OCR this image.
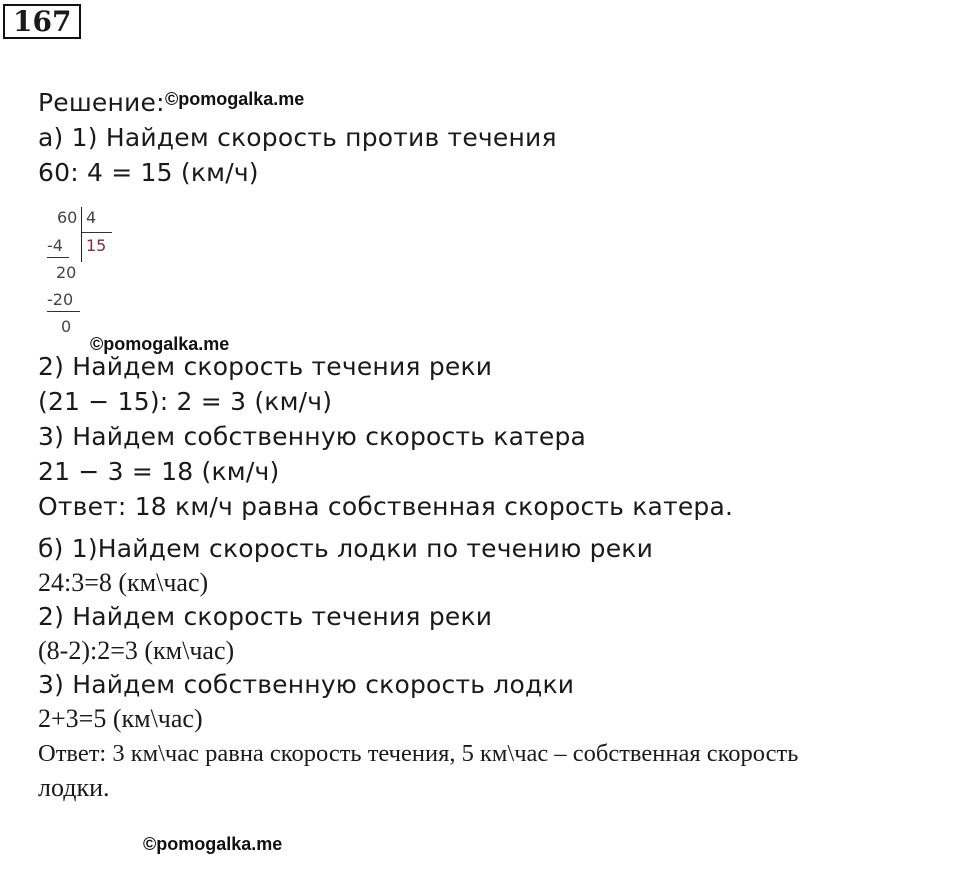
167
Решение: ©pomogalka.me
а) 1) Найдем скорость против течения
60: 4 = 15 (км/ч)
60 4
15
-4
20
-20
0
©pomogalka.me
2) Найдем скорость течения реки
(21 − 15): 2 = 3 (км/ч)
3) Найдем собственную скорость катера
21 − 3 = 18 (км/ч)
Ответ: 18 км/ч равна собственная скорость катера.
б) 1)Найдем скорость лодки по течению реки
24:3=8 (км\час)
2) Найдем скорость течения реки
(8-2):2=3 (км\час)
3) Найдем собственную скорость лодки
2+3=5 (км\час)
Ответ: 3 км\час равна скорость течения, 5 км\час – собственная скорость
лодки.
©pomogalka.me
